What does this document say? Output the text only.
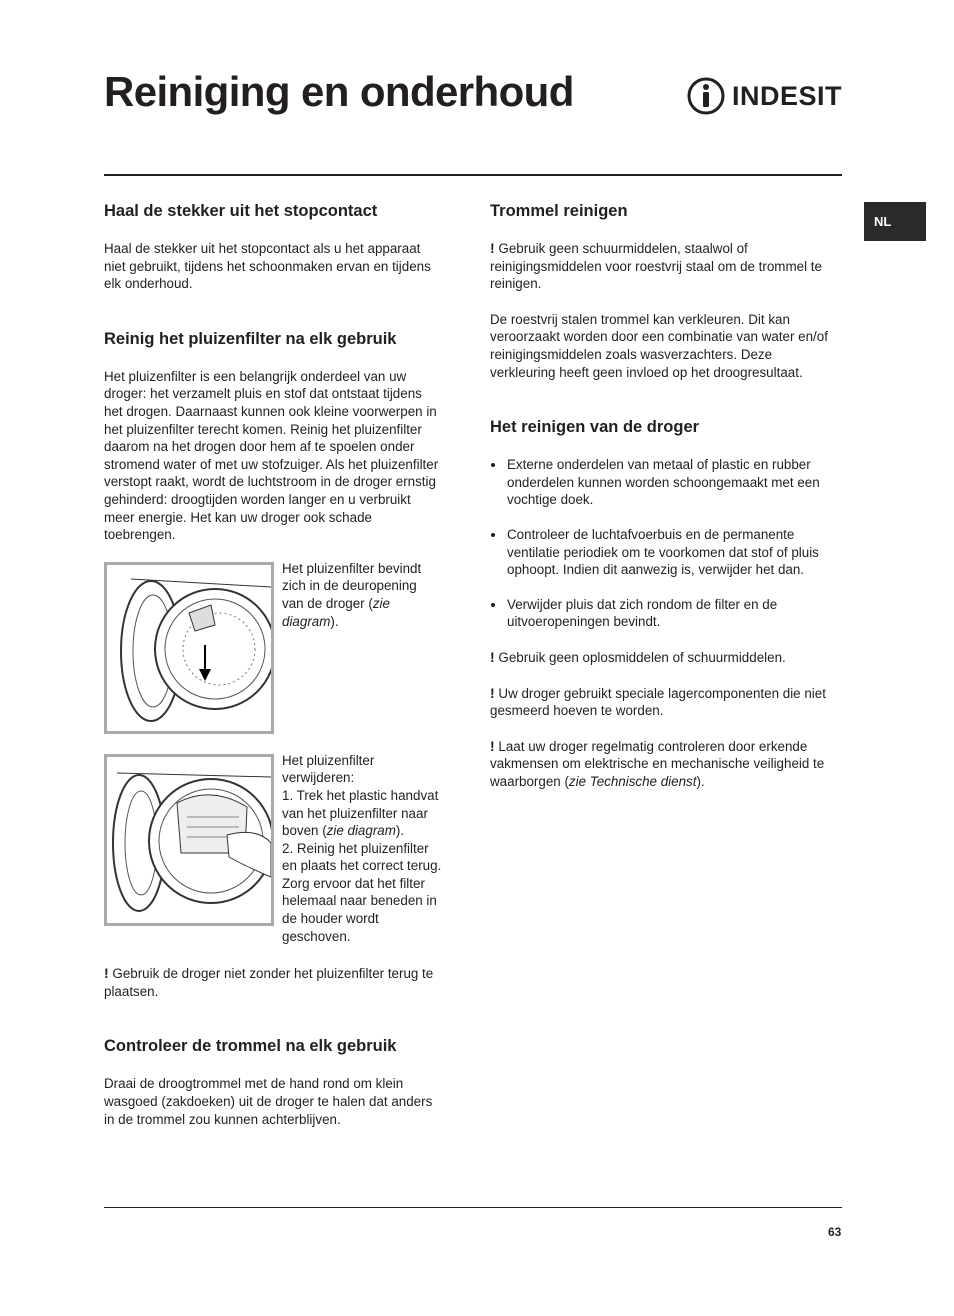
Reiniging en onderhoud	INDESIT
NL
Haal de stekker uit het stopcontact

Haal de stekker uit het stopcontact als u het apparaat niet gebruikt, tijdens het schoonmaken ervan en tijdens elk onderhoud.

Reinig het pluizenfilter na elk gebruik

Het pluizenfilter is een belangrijk onderdeel van uw droger: het verzamelt pluis en stof dat ontstaat tijdens het drogen. Daarnaast kunnen ook kleine voorwerpen in het pluizenfilter terecht komen. Reinig het pluizenfilter daarom na het drogen door hem af te spoelen onder stromend water of met uw stofzuiger. Als het pluizenfilter verstopt raakt, wordt de luchtstroom in de droger ernstig gehinderd: droogtijden worden langer en u verbruikt meer energie. Het kan uw droger ook schade toebrengen.

Het pluizenfilter bevindt zich in de deuropening van de droger (zie diagram).
Het pluizenfilter verwijderen:
1. Trek het plastic handvat van het pluizenfilter naar boven (zie diagram).
2. Reinig het pluizenfilter en plaats het correct terug. Zorg ervoor dat het filter helemaal naar beneden in de houder wordt geschoven.

! Gebruik de droger niet zonder het pluizenfilter terug te plaatsen.

Controleer de trommel na elk gebruik

Draai de droogtrommel met de hand rond om klein wasgoed (zakdoeken) uit de droger te halen dat anders in de trommel zou kunnen achterblijven.

Trommel reinigen

! Gebruik geen schuurmiddelen, staalwol of reinigingsmiddelen voor roestvrij staal om de trommel te reinigen.

De roestvrij stalen trommel kan verkleuren. Dit kan veroorzaakt worden door een combinatie van water en/of reinigingsmiddelen zoals wasverzachters. Deze verkleuring heeft geen invloed op het droogresultaat.

Het reinigen van de droger
Externe onderdelen van metaal of plastic en rubber onderdelen kunnen worden schoongemaakt met een vochtige doek.
Controleer de luchtafvoerbuis en de permanente ventilatie periodiek om te voorkomen dat stof of pluis ophoopt. Indien dit aanwezig is, verwijder het dan.
Verwijder pluis dat zich rondom de filter en de uitvoeropeningen bevindt.

! Gebruik geen oplosmiddelen of schuurmiddelen.

! Uw droger gebruikt speciale lagercomponenten die niet gesmeerd hoeven te worden.

! Laat uw droger regelmatig controleren door erkende vakmensen om elektrische en mechanische veiligheid te waarborgen (zie Technische dienst).

63
